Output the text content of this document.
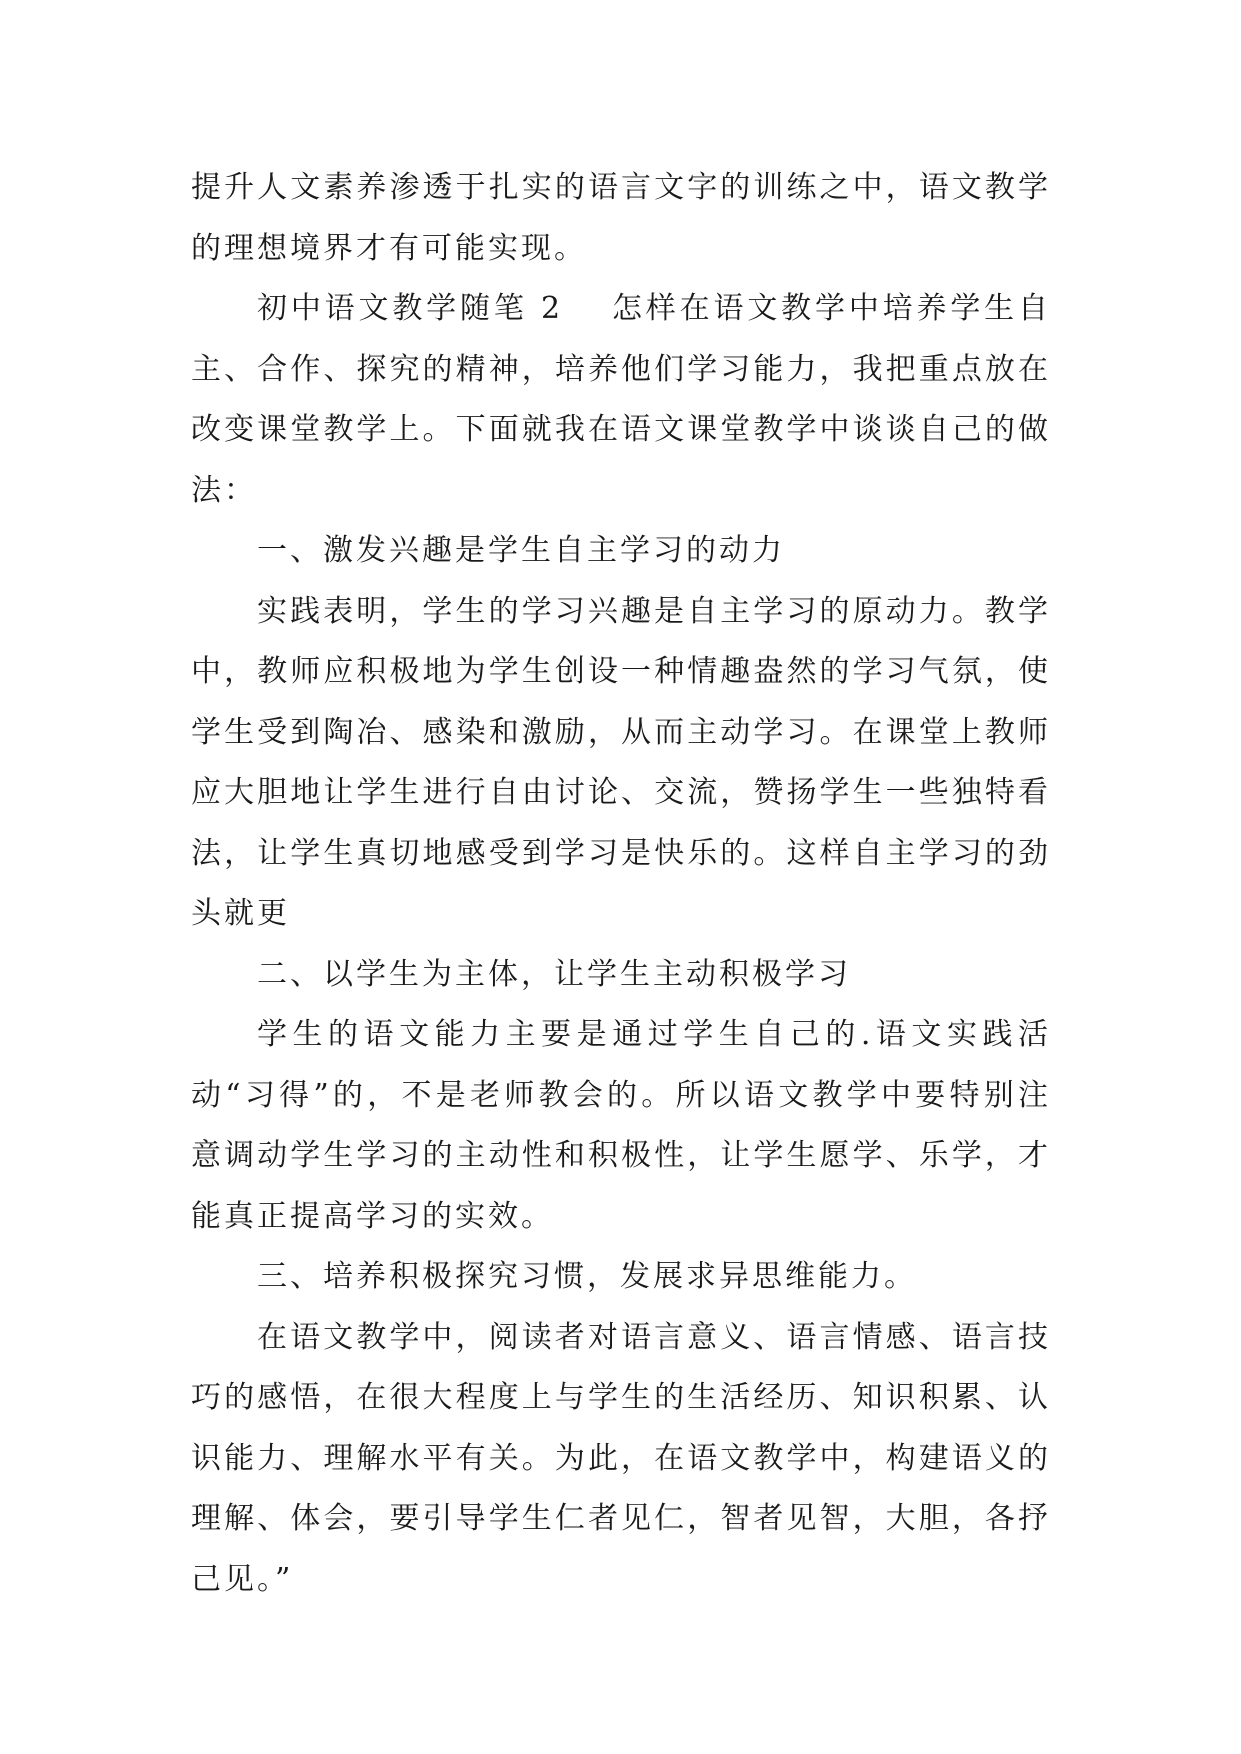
提升人文素养渗透于扎实的语言文字的训练之中，语文教学的理想境界才有可能实现。

初中语文教学随笔 2 怎样在语文教学中培养学生自主、合作、探究的精神，培养他们学习能力，我把重点放在改变课堂教学上。下面就我在语文课堂教学中谈谈自己的做法：

一、激发兴趣是学生自主学习的动力

实践表明，学生的学习兴趣是自主学习的原动力。教学中，教师应积极地为学生创设一种情趣盎然的学习气氛，使学生受到陶冶、感染和激励，从而主动学习。在课堂上教师应大胆地让学生进行自由讨论、交流，赞扬学生一些独特看法，让学生真切地感受到学习是快乐的。这样自主学习的劲头就更

二、以学生为主体，让学生主动积极学习

学生的语文能力主要是通过学生自己的.语文实践活动“习得”的，不是老师教会的。所以语文教学中要特别注意调动学生学习的主动性和积极性，让学生愿学、乐学，才能真正提高学习的实效。

三、培养积极探究习惯，发展求异思维能力。

在语文教学中，阅读者对语言意义、语言情感、语言技巧的感悟，在很大程度上与学生的生活经历、知识积累、认识能力、理解水平有关。为此，在语文教学中，构建语义的理解、体会，要引导学生仁者见仁，智者见智，大胆，各抒己见。”
